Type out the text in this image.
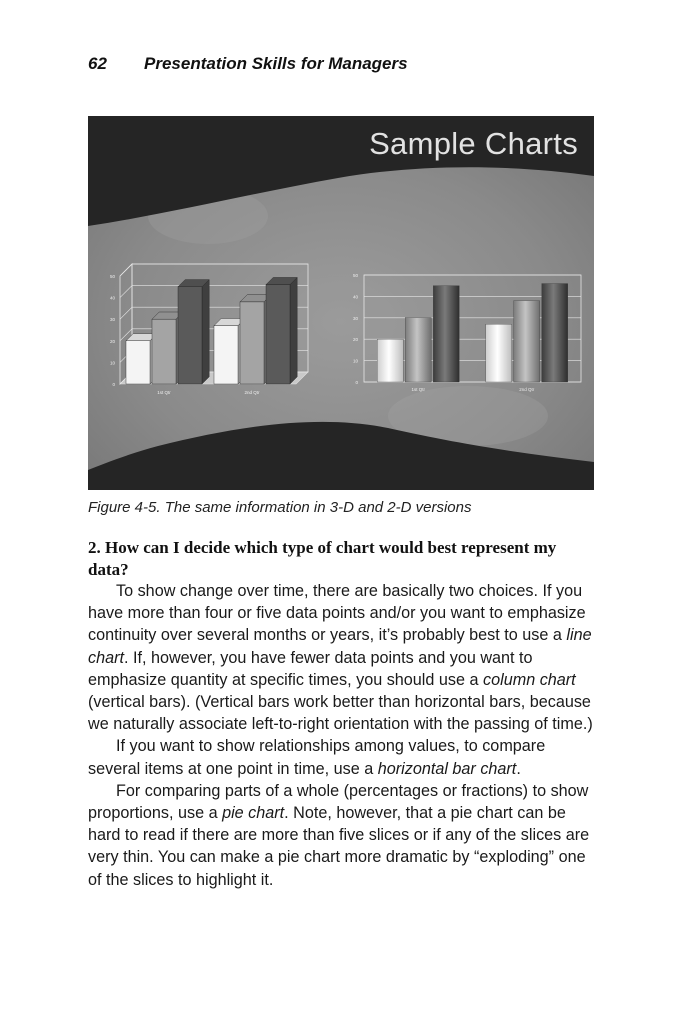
62 Presentation Skills for Managers
0
10
20
30
40
50
1st Qtr	2nd Qtr
0
10
20
30
40
50
1st Qtr	2nd Qtr
Sample Charts
Figure 4-5. The same information in 3-D and 2-D versions
2. How can I decide which type of chart would best represent my data?

To show change over time, there are basically two choices. If you have more than four or five data points and/or you want to emphasize continuity over several months or years, it’s probably best to use a line chart. If, however, you have fewer data points and you want to emphasize quantity at specific times, you should use a column chart (vertical bars). (Vertical bars work better than horizontal bars, because we naturally associate left-to-right orientation with the passing of time.)

If you want to show relationships among values, to compare several items at one point in time, use a horizontal bar chart.

For comparing parts of a whole (percentages or fractions) to show proportions, use a pie chart. Note, however, that a pie chart can be hard to read if there are more than five slices or if any of the slices are very thin. You can make a pie chart more dramatic by “exploding” one of the slices to highlight it.
